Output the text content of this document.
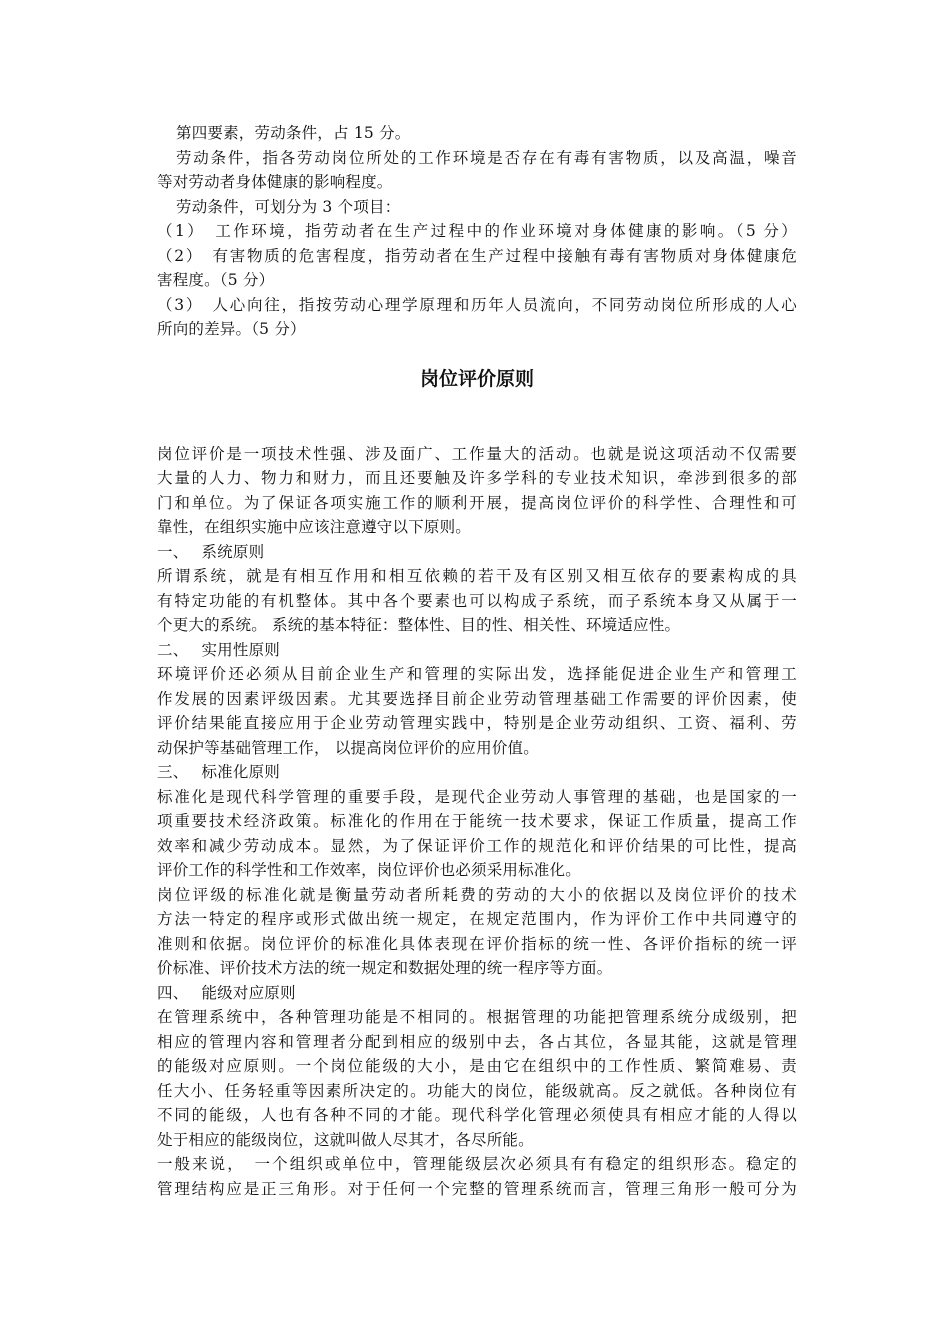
第四要素，劳动条件，占 15 分。
劳动条件，指各劳动岗位所处的工作环境是否存在有毒有害物质，以及高温，噪音
等对劳动者身体健康的影响程度。
劳动条件，可划分为 3 个项目：
（1）　工作环境，指劳动者在生产过程中的作业环境对身体健康的影响。（5 分）
（2）　有害物质的危害程度，指劳动者在生产过程中接触有毒有害物质对身体健康危
害程度。（5 分）
（3）　人心向往，指按劳动心理学原理和历年人员流向，不同劳动岗位所形成的人心
所向的差异。（5 分）
岗位评价原则
岗位评价是一项技术性强、涉及面广、工作量大的活动。也就是说这项活动不仅需要
大量的人力、物力和财力，而且还要触及许多学科的专业技术知识，牵涉到很多的部
门和单位。为了保证各项实施工作的顺利开展，提高岗位评价的科学性、合理性和可
靠性，在组织实施中应该注意遵守以下原则。
一、　 系统原则
所谓系统，就是有相互作用和相互依赖的若干及有区别又相互依存的要素构成的具
有特定功能的有机整体。其中各个要素也可以构成子系统，而子系统本身又从属于一
个更大的系统。 系统的基本特征：整体性、目的性、相关性、环境适应性。
二、　 实用性原则
环境评价还必须从目前企业生产和管理的实际出发，选择能促进企业生产和管理工
作发展的因素评级因素。尤其要选择目前企业劳动管理基础工作需要的评价因素，使
评价结果能直接应用于企业劳动管理实践中，特别是企业劳动组织、工资、福利、劳
动保护等基础管理工作， 以提高岗位评价的应用价值。
三、　 标准化原则
标准化是现代科学管理的重要手段，是现代企业劳动人事管理的基础，也是国家的一
项重要技术经济政策。标准化的作用在于能统一技术要求，保证工作质量，提高工作
效率和减少劳动成本。显然，为了保证评价工作的规范化和评价结果的可比性，提高
评价工作的科学性和工作效率，岗位评价也必须采用标准化。
岗位评级的标准化就是衡量劳动者所耗费的劳动的大小的依据以及岗位评价的技术
方法一特定的程序或形式做出统一规定，在规定范围内，作为评价工作中共同遵守的
准则和依据。岗位评价的标准化具体表现在评价指标的统一性、各评价指标的统一评
价标准、评价技术方法的统一规定和数据处理的统一程序等方面。
四、　 能级对应原则
在管理系统中，各种管理功能是不相同的。根据管理的功能把管理系统分成级别，把
相应的管理内容和管理者分配到相应的级别中去，各占其位，各显其能，这就是管理
的能级对应原则。一个岗位能级的大小，是由它在组织中的工作性质、繁简难易、责
任大小、任务轻重等因素所决定的。功能大的岗位，能级就高。反之就低。各种岗位有
不同的能级，人也有各种不同的才能。现代科学化管理必须使具有相应才能的人得以
处于相应的能级岗位，这就叫做人尽其才，各尽所能。
一般来说，　一个组织或单位中，管理能级层次必须具有有稳定的组织形态。稳定的
管理结构应是正三角形。对于任何一个完整的管理系统而言，管理三角形一般可分为
